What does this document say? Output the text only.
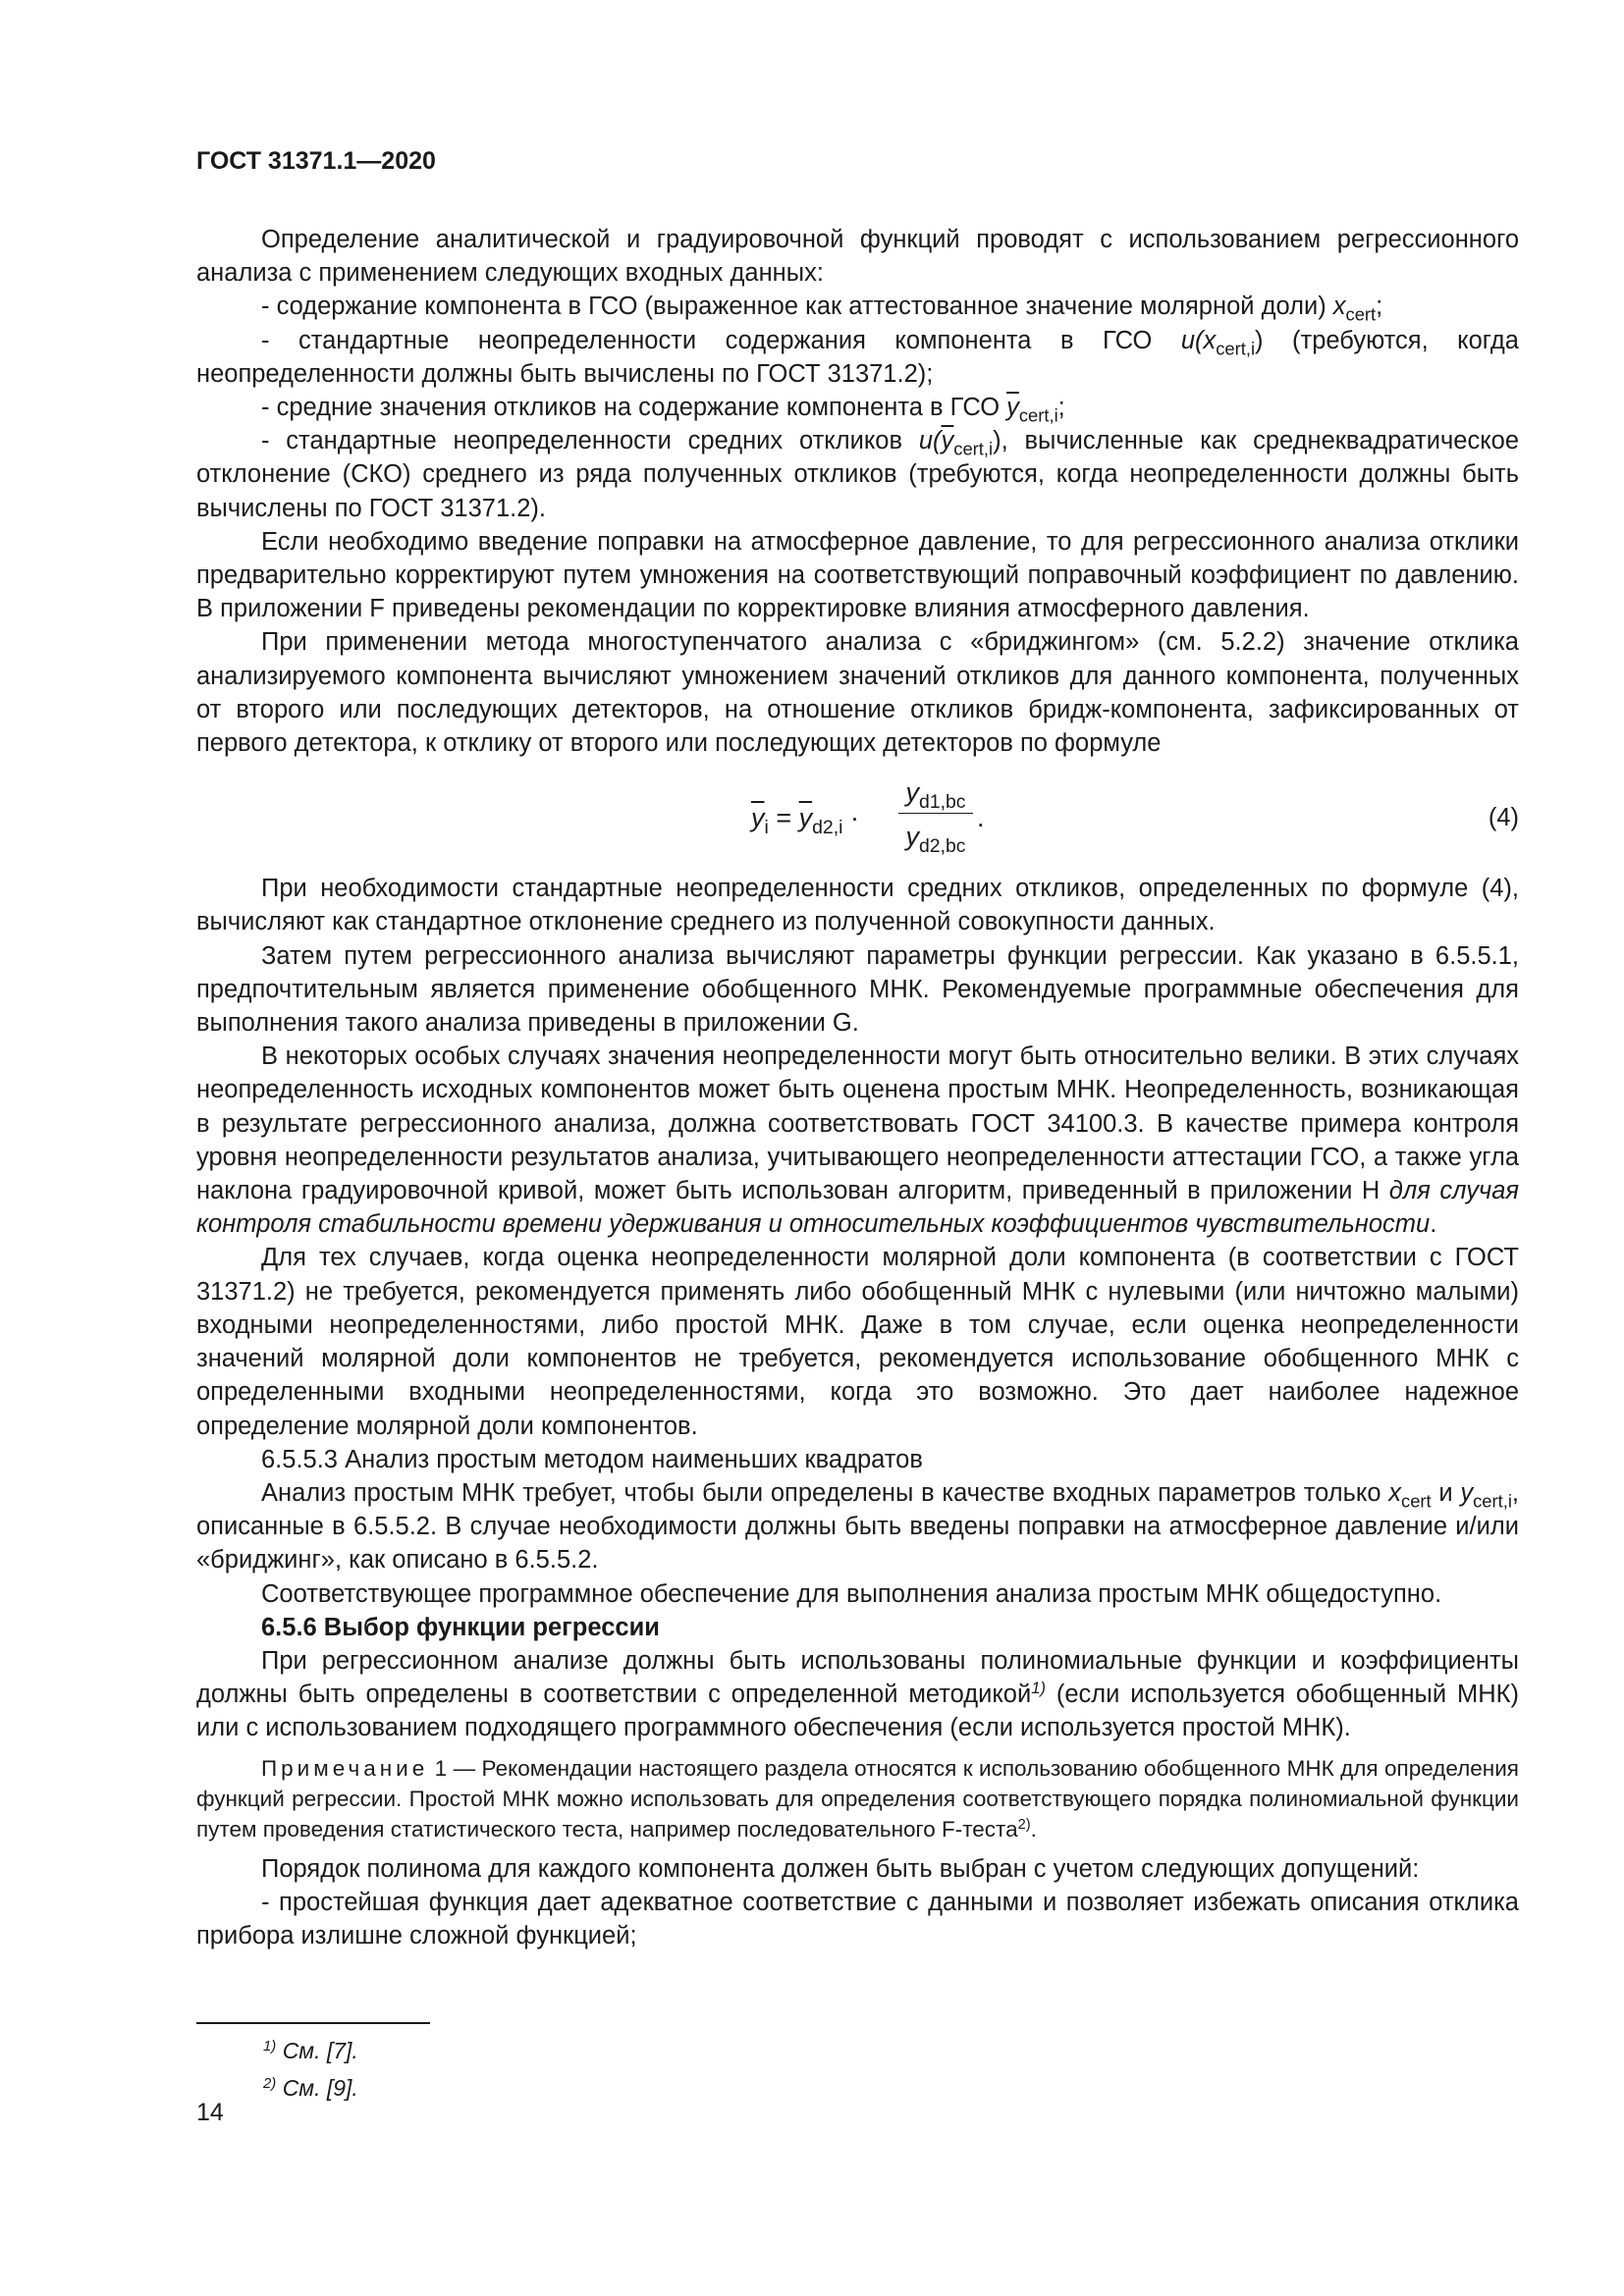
ГОСТ 31371.1—2020

Определение аналитической и градуировочной функций проводят с использованием регрессионного анализа с применением следующих входных данных:

- содержание компонента в ГСО (выраженное как аттестованное значение молярной доли) $x_{cert}$;

- стандартные неопределенности содержания компонента в ГСО $u(x_{cert,i})$ (требуются, когда неопределенности должны быть вычислены по ГОСТ 31371.2);

- средние значения откликов на содержание компонента в ГСО $\overline{y}_{cert,i}$;

- стандартные неопределенности средних откликов $u(\overline{y}_{cert,i})$, вычисленные как среднеквадратическое отклонение (СКО) среднего из ряда полученных откликов (требуются, когда неопределенности должны быть вычислены по ГОСТ 31371.2).

Если необходимо введение поправки на атмосферное давление, то для регрессионного анализа отклики предварительно корректируют путем умножения на соответствующий поправочный коэффициент по давлению. В приложении F приведены рекомендации по корректировке влияния атмосферного давления.

При применении метода многоступенчатого анализа с «бриджингом» (см. 5.2.2) значение отклика анализируемого компонента вычисляют умножением значений откликов для данного компонента, полученных от второго или последующих детекторов, на отношение откликов бридж-компонента, зафиксированных от первого детектора, к отклику от второго или последующих детекторов по формуле

$\overline{y}_i = \overline{y}_{d2,i} \cdot \frac{y_{d1,bc}}{y_{d2,bc}}$ .	(4)

При необходимости стандартные неопределенности средних откликов, определенных по формуле (4), вычисляют как стандартное отклонение среднего из полученной совокупности данных.

Затем путем регрессионного анализа вычисляют параметры функции регрессии. Как указано в 6.5.5.1, предпочтительным является применение обобщенного МНК. Рекомендуемые программные обеспечения для выполнения такого анализа приведены в приложении G.

В некоторых особых случаях значения неопределенности могут быть относительно велики. В этих случаях неопределенность исходных компонентов может быть оценена простым МНК. Неопределенность, возникающая в результате регрессионного анализа, должна соответствовать ГОСТ 34100.3. В качестве примера контроля уровня неопределенности результатов анализа, учитывающего неопределенности аттестации ГСО, а также угла наклона градуировочной кривой, может быть использован алгоритм, приведенный в приложении Н для случая контроля стабильности времени удерживания и относительных коэффициентов чувствительности.

Для тех случаев, когда оценка неопределенности молярной доли компонента (в соответствии с ГОСТ 31371.2) не требуется, рекомендуется применять либо обобщенный МНК с нулевыми (или ничтожно малыми) входными неопределенностями, либо простой МНК. Даже в том случае, если оценка неопределенности значений молярной доли компонентов не требуется, рекомендуется использование обобщенного МНК с определенными входными неопределенностями, когда это возможно. Это дает наиболее надежное определение молярной доли компонентов.

6.5.5.3 Анализ простым методом наименьших квадратов

Анализ простым МНК требует, чтобы были определены в качестве входных параметров только $x_{cert}$ и $y_{cert,i}$, описанные в 6.5.5.2. В случае необходимости должны быть введены поправки на атмосферное давление и/или «бриджинг», как описано в 6.5.5.2.

Соответствующее программное обеспечение для выполнения анализа простым МНК общедоступно.

6.5.6 Выбор функции регрессии

При регрессионном анализе должны быть использованы полиномиальные функции и коэффициенты должны быть определены в соответствии с определенной методикой$^{1)}$ (если используется обобщенный МНК) или с использованием подходящего программного обеспечения (если используется простой МНК).

Примечание 1 — Рекомендации настоящего раздела относятся к использованию обобщенного МНК для определения функций регрессии. Простой МНК можно использовать для определения соответствующего порядка полиномиальной функции путем проведения статистического теста, например последовательного F-теста$^{2)}$.

Порядок полинома для каждого компонента должен быть выбран с учетом следующих допущений:

- простейшая функция дает адекватное соответствие с данными и позволяет избежать описания отклика прибора излишне сложной функцией;

$^{1)}$ См. [7].
$^{2)}$ См. [9].
14
